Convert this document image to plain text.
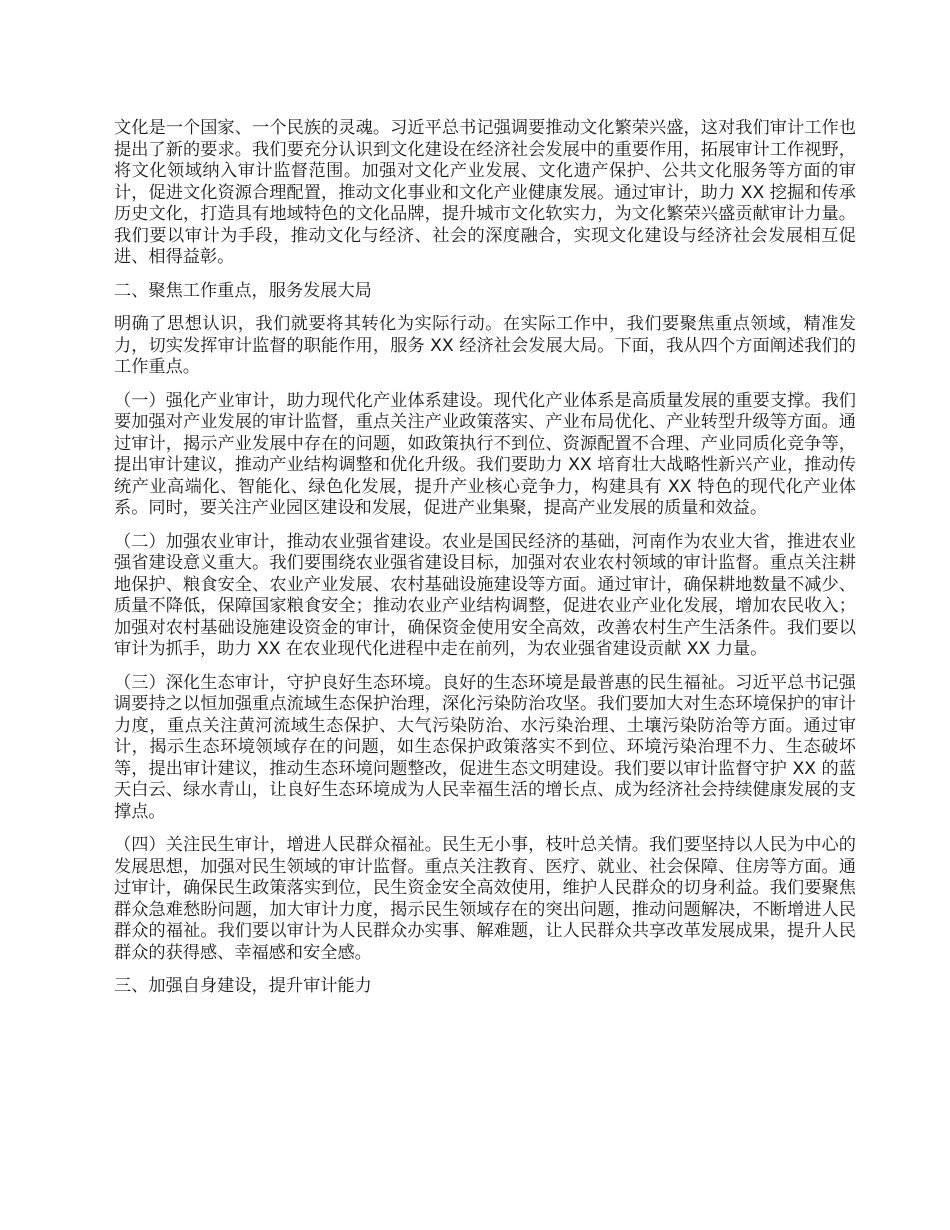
文化是一个国家、一个民族的灵魂。习近平总书记强调要推动文化繁荣兴盛，这对我们审计工作也提出了新的要求。我们要充分认识到文化建设在经济社会发展中的重要作用，拓展审计工作视野，将文化领域纳入审计监督范围。加强对文化产业发展、文化遗产保护、公共文化服务等方面的审计，促进文化资源合理配置，推动文化事业和文化产业健康发展。通过审计，助力 XX 挖掘和传承历史文化，打造具有地域特色的文化品牌，提升城市文化软实力，为文化繁荣兴盛贡献审计力量。我们要以审计为手段，推动文化与经济、社会的深度融合，实现文化建设与经济社会发展相互促进、相得益彰。

二、聚焦工作重点，服务发展大局

明确了思想认识，我们就要将其转化为实际行动。在实际工作中，我们要聚焦重点领域，精准发力，切实发挥审计监督的职能作用，服务 XX 经济社会发展大局。下面，我从四个方面阐述我们的工作重点。

（一）强化产业审计，助力现代化产业体系建设。现代化产业体系是高质量发展的重要支撑。我们要加强对产业发展的审计监督，重点关注产业政策落实、产业布局优化、产业转型升级等方面。通过审计，揭示产业发展中存在的问题，如政策执行不到位、资源配置不合理、产业同质化竞争等，提出审计建议，推动产业结构调整和优化升级。我们要助力 XX 培育壮大战略性新兴产业，推动传统产业高端化、智能化、绿色化发展，提升产业核心竞争力，构建具有 XX 特色的现代化产业体系。同时，要关注产业园区建设和发展，促进产业集聚，提高产业发展的质量和效益。

（二）加强农业审计，推动农业强省建设。农业是国民经济的基础，河南作为农业大省，推进农业强省建设意义重大。我们要围绕农业强省建设目标，加强对农业农村领域的审计监督。重点关注耕地保护、粮食安全、农业产业发展、农村基础设施建设等方面。通过审计，确保耕地数量不减少、质量不降低，保障国家粮食安全；推动农业产业结构调整，促进农业产业化发展，增加农民收入；加强对农村基础设施建设资金的审计，确保资金使用安全高效，改善农村生产生活条件。我们要以审计为抓手，助力 XX 在农业现代化进程中走在前列，为农业强省建设贡献 XX 力量。

（三）深化生态审计，守护良好生态环境。良好的生态环境是最普惠的民生福祉。习近平总书记强调要持之以恒加强重点流域生态保护治理，深化污染防治攻坚。我们要加大对生态环境保护的审计力度，重点关注黄河流域生态保护、大气污染防治、水污染治理、土壤污染防治等方面。通过审计，揭示生态环境领域存在的问题，如生态保护政策落实不到位、环境污染治理不力、生态破坏等，提出审计建议，推动生态环境问题整改，促进生态文明建设。我们要以审计监督守护 XX 的蓝天白云、绿水青山，让良好生态环境成为人民幸福生活的增长点、成为经济社会持续健康发展的支撑点。

（四）关注民生审计，增进人民群众福祉。民生无小事，枝叶总关情。我们要坚持以人民为中心的发展思想，加强对民生领域的审计监督。重点关注教育、医疗、就业、社会保障、住房等方面。通过审计，确保民生政策落实到位，民生资金安全高效使用，维护人民群众的切身利益。我们要聚焦群众急难愁盼问题，加大审计力度，揭示民生领域存在的突出问题，推动问题解决，不断增进人民群众的福祉。我们要以审计为人民群众办实事、解难题，让人民群众共享改革发展成果，提升人民群众的获得感、幸福感和安全感。

三、加强自身建设，提升审计能力
